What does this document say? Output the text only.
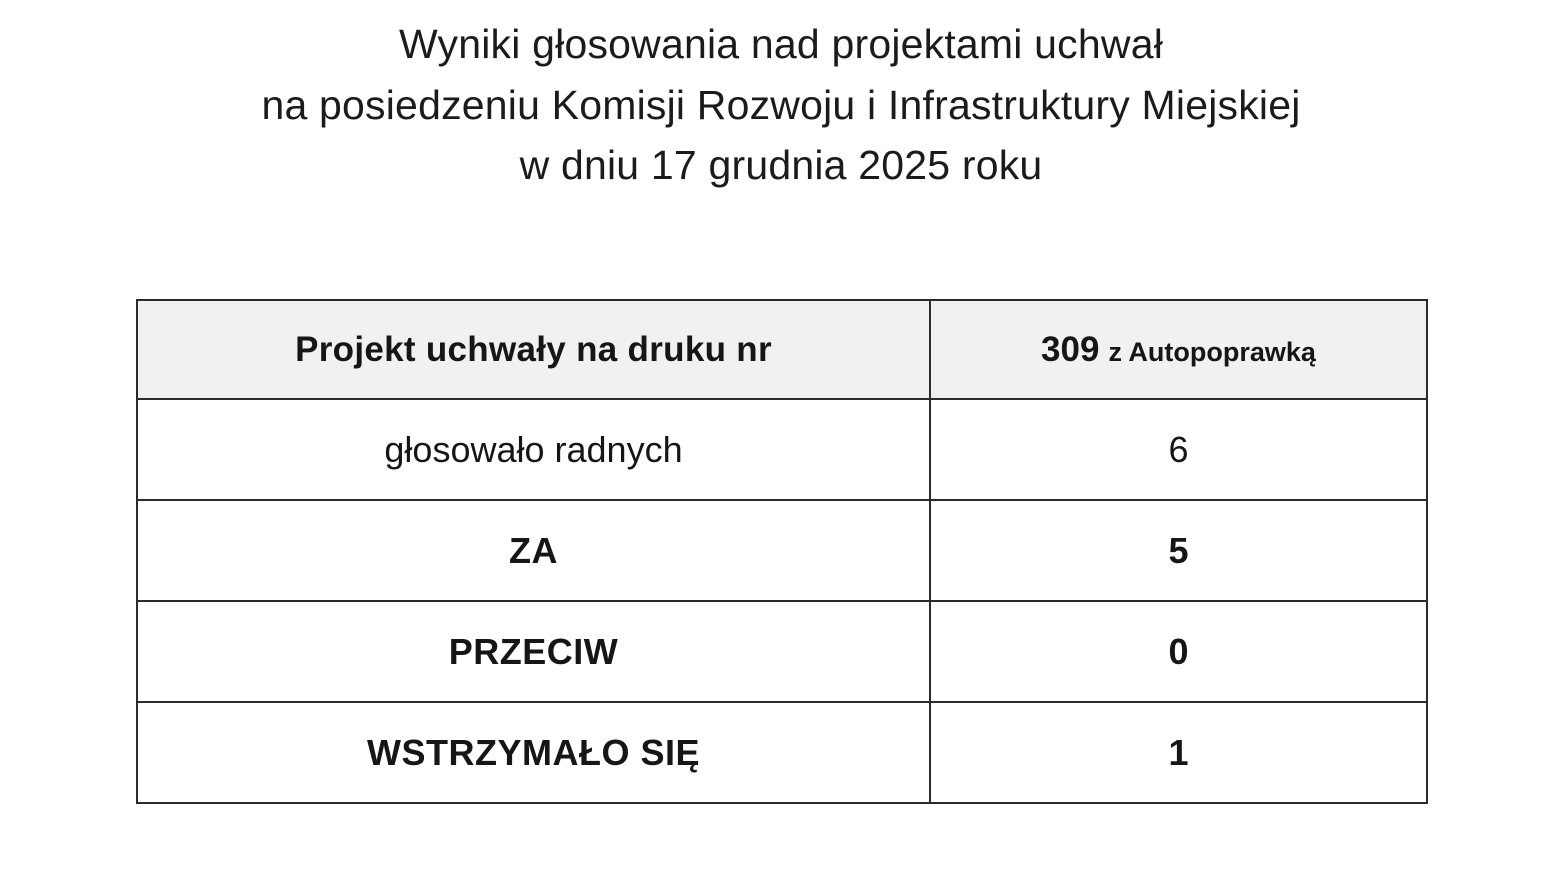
Wyniki głosowania nad projektami uchwał
na posiedzeniu Komisji Rozwoju i Infrastruktury Miejskiej
w dniu 17 grudnia 2025 roku
Projekt uchwały na druku nr	309 z Autopoprawką
głosowało radnych	6
ZA	5
PRZECIW	0
WSTRZYMAŁO SIĘ	1
